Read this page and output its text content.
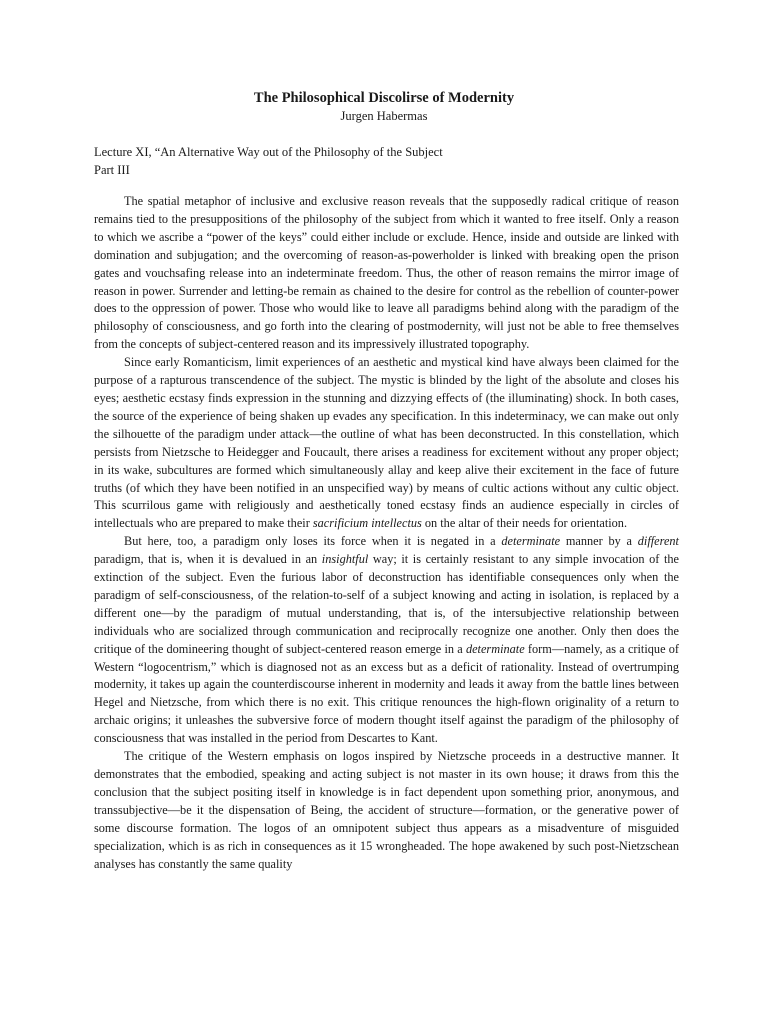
The Philosophical Discolirse of Modernity
Jurgen Habermas
Lecture XI, “An Alternative Way out of the Philosophy of the Subject
Part III

The spatial metaphor of inclusive and exclusive reason reveals that the supposedly radical critique of reason remains tied to the presuppositions of the philosophy of the subject from which it wanted to free itself. Only a reason to which we ascribe a “power of the keys” could either include or exclude. Hence, inside and outside are linked with domination and subjugation; and the overcoming of reason-as-powerholder is linked with breaking open the prison gates and vouchsafing release into an indeterminate freedom. Thus, the other of reason remains the mirror image of reason in power. Surrender and letting-be remain as chained to the desire for control as the rebellion of counter-power does to the oppression of power. Those who would like to leave all paradigms behind along with the paradigm of the philosophy of consciousness, and go forth into the clearing of postmodernity, will just not be able to free themselves from the concepts of subject-centered reason and its impressively illustrated topography.

Since early Romanticism, limit experiences of an aesthetic and mystical kind have always been claimed for the purpose of a rapturous transcendence of the subject. The mystic is blinded by the light of the absolute and closes his eyes; aesthetic ecstasy finds expression in the stunning and dizzying effects of (the illuminating) shock. In both cases, the source of the experience of being shaken up evades any specification. In this indeterminacy, we can make out only the silhouette of the paradigm under attack—the outline of what has been deconstructed. In this constellation, which persists from Nietzsche to Heidegger and Foucault, there arises a readiness for excitement without any proper object; in its wake, subcultures are formed which simultaneously allay and keep alive their excitement in the face of future truths (of which they have been notified in an unspecified way) by means of cultic actions without any cultic object. This scurrilous game with religiously and aesthetically toned ecstasy finds an audience especially in circles of intellectuals who are prepared to make their sacrificium intellectus on the altar of their needs for orientation.

But here, too, a paradigm only loses its force when it is negated in a determinate manner by a different paradigm, that is, when it is devalued in an insightful way; it is certainly resistant to any simple invocation of the extinction of the subject. Even the furious labor of deconstruction has identifiable consequences only when the paradigm of self-consciousness, of the relation-to-self of a subject knowing and acting in isolation, is replaced by a different one—by the paradigm of mutual understanding, that is, of the intersubjective relationship between individuals who are socialized through communication and reciprocally recognize one another. Only then does the critique of the domineering thought of subject-centered reason emerge in a determinate form—namely, as a critique of Western “logocentrism,” which is diagnosed not as an excess but as a deficit of rationality. Instead of overtrumping modernity, it takes up again the counterdiscourse inherent in modernity and leads it away from the battle lines between Hegel and Nietzsche, from which there is no exit. This critique renounces the high-flown originality of a return to archaic origins; it unleashes the subversive force of modern thought itself against the paradigm of the philosophy of consciousness that was installed in the period from Descartes to Kant.

The critique of the Western emphasis on logos inspired by Nietzsche proceeds in a destructive manner. It demonstrates that the embodied, speaking and acting subject is not master in its own house; it draws from this the conclusion that the subject positing itself in knowledge is in fact dependent upon something prior, anonymous, and transsubjective—be it the dispensation of Being, the accident of structure—formation, or the generative power of some discourse formation. The logos of an omnipotent subject thus appears as a misadventure of misguided specialization, which is as rich in consequences as it 15 wrongheaded. The hope awakened by such post-Nietzschean analyses has constantly the same quality
